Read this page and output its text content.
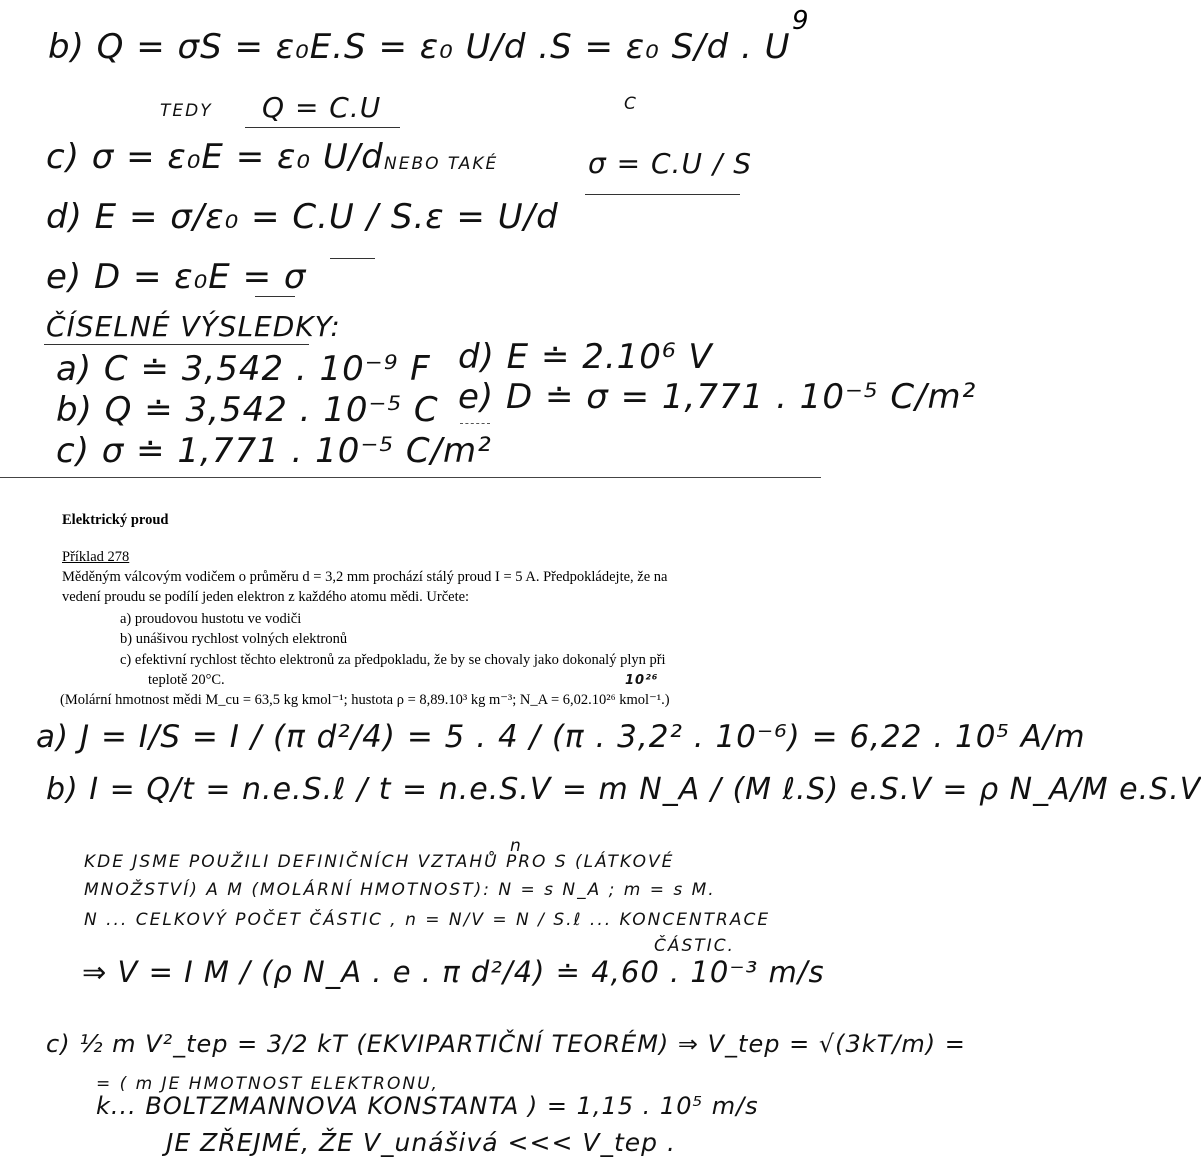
9
b) Q = σS = ε₀E.S = ε₀ U/d .S = ε₀ S/d . U
C
TEDY Q = C.U
c) σ = ε₀E = ε₀ U/d NEBO TAKÉ	σ = C.U / S
d) E = σ/ε₀ = C.U / S.ε = U/d
e) D = ε₀E = σ
ČÍSELNÉ VÝSLEDKY:
a) C ≐ 3,542 . 10⁻⁹ F
b) Q ≐ 3,542 . 10⁻⁵ C
c) σ ≐ 1,771 . 10⁻⁵ C/m²
d) E ≐ 2.10⁶ V
e) D ≐ σ = 1,771 . 10⁻⁵ C/m²
Elektrický proud
Příklad 278
Měděným válcovým vodičem o průměru d = 3,2 mm prochází stálý proud I = 5 A. Předpokládejte, že na
vedení proudu se podílí jeden elektron z každého atomu mědi. Určete:
a) proudovou hustotu ve vodiči
b) unášivou rychlost volných elektronů
c) efektivní rychlost těchto elektronů za předpokladu, že by se chovaly jako dokonalý plyn při
teplotě 20°C.
(Molární hmotnost mědi M_cu = 63,5 kg kmol⁻¹; hustota ρ = 8,89.10³ kg m⁻³; N_A = 6,02.10²⁶ kmol⁻¹.)
10²⁶
a) J = I/S = I / (π d²/4) = 5 . 4 / (π . 3,2² . 10⁻⁶) = 6,22 . 10⁵ A/m
b) I = Q/t = n.e.S.ℓ / t = n.e.S.V = m N_A / (M ℓ.S) e.S.V = ρ N_A/M e.S.V
n
KDE JSME POUŽILI DEFINIČNÍCH VZTAHŮ PRO S (LÁTKOVÉ
MNOŽSTVÍ) A M (MOLÁRNÍ HMOTNOST): N = s N_A ; m = s M.
N ... CELKOVÝ POČET ČÁSTIC , n = N/V = N / S.ℓ ... KONCENTRACE
ČÁSTIC.
⇒ V = I M / (ρ N_A . e . π d²/4) ≐ 4,60 . 10⁻³ m/s
c) ½ m V²_tep = 3/2 kT (EKVIPARTIČNÍ TEORÉM) ⇒ V_tep = √(3kT/m) =
= ( m JE HMOTNOST ELEKTRONU,
k... BOLTZMANNOVA KONSTANTA ) = 1,15 . 10⁵ m/s
JE ZŘEJMÉ, ŽE V_unášivá <<< V_tep .
